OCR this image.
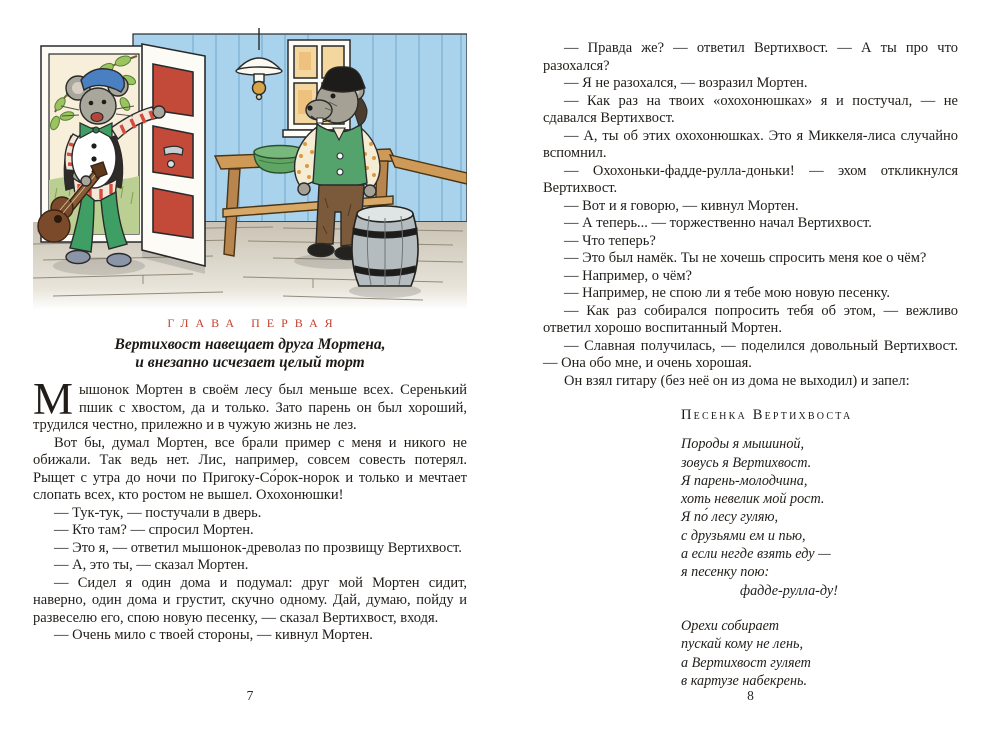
ГЛАВА ПЕРВАЯ
Вертихвост навещает друга Мортена,
и внезапно исчезает целый торт

Мышонок Мортен в своём лесу был меньше всех. Серенький пшик с хвостом, да и только. Зато парень он был хороший, трудился честно, прилежно и в чужую жизнь не лез.

Вот бы, думал Мортен, все брали пример с меня и никого не обижали. Так ведь нет. Лис, например, совсем совесть потерял. Рыщет с утра до ночи по Пригоку-Со́рок-норок и только и мечтает слопать всех, кто ростом не вышел. Охохонюшки!

— Тук-тук, — постучали в дверь.

— Кто там? — спросил Мортен.

— Это я, — ответил мышонок-древолаз по прозвищу Вертихвост.

— А, это ты, — сказал Мортен.

— Сидел я один дома и подумал: друг мой Мортен сидит, наверно, один дома и грустит, скучно одному. Дай, думаю, пойду и развеселю его, спою новую песенку, — сказал Вертихвост, входя.

— Очень мило с твоей стороны, — кивнул Мортен.

7

— Правда же? — ответил Вертихвост. — А ты про что разохался?

— Я не разохался, — возразил Мортен.

— Как раз на твоих «охохонюшках» я и постучал, — не сдавался Вертихвост.

— А, ты об этих охохонюшках. Это я Миккеля-лиса случайно вспомнил.

— Охохоньки-фадде-рулла-доньки! — эхом откликнулся Вертихвост.

— Вот и я говорю, — кивнул Мортен.

— А теперь... — торжественно начал Вертихвост.

— Что теперь?

— Это был намёк. Ты не хочешь спросить меня кое о чём?

— Например, о чём?

— Например, не спою ли я тебе мою новую песенку.

— Как раз собирался попросить тебя об этом, — вежливо ответил хорошо воспитанный Мортен.

— Славная получилась, — поделился довольный Вертихвост. — Она обо мне, и очень хорошая.

Он взял гитару (без неё он из дома не выходил) и запел:

Песенка Вертихвоста
Породы я мышиной,
зовусь я Вертихвост.
Я парень-молодчина,
хоть невелик мой рост.
Я по́ лесу гуляю,
с друзьями ем и пью,
а если негде взять еду —
я песенку пою:
фадде-рулла-ду!
Орехи собирает
пускай кому не лень,
а Вертихвост гуляет
в картузе набекрень.
8
